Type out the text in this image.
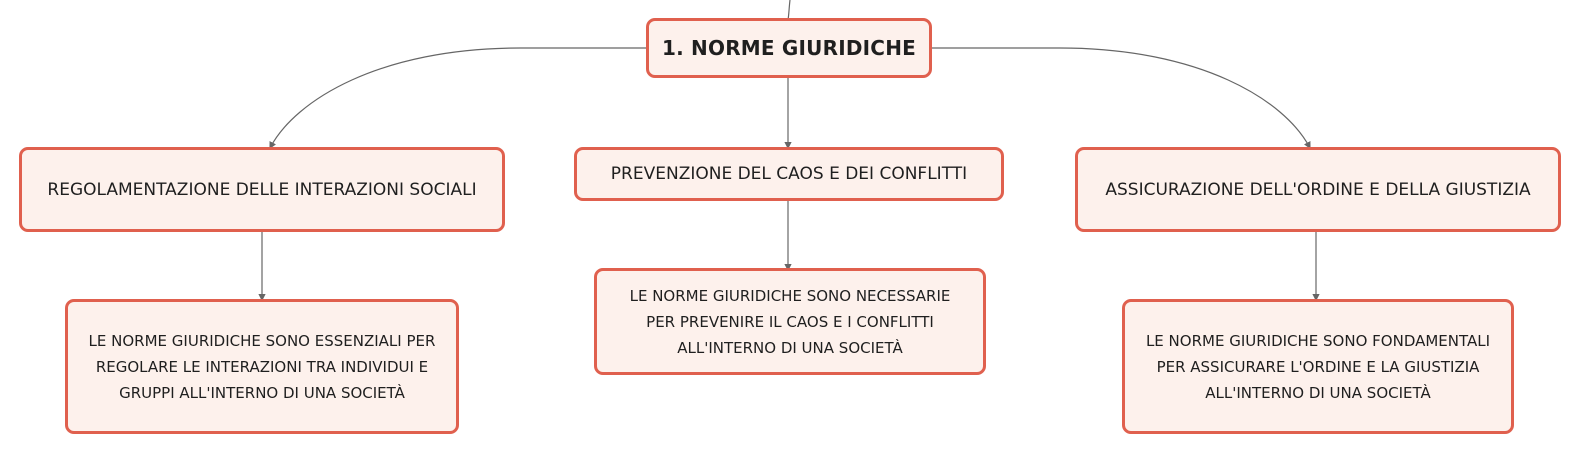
1. NORME GIURIDICHE
REGOLAMENTAZIONE DELLE INTERAZIONI SOCIALI
PREVENZIONE DEL CAOS E DEI CONFLITTI
ASSICURAZIONE DELL'ORDINE E DELLA GIUSTIZIA
LE NORME GIURIDICHE SONO ESSENZIALI PER REGOLARE LE INTERAZIONI TRA INDIVIDUI E GRUPPI ALL'INTERNO DI UNA SOCIETÀ
LE NORME GIURIDICHE SONO NECESSARIE PER PREVENIRE IL CAOS E I CONFLITTI ALL'INTERNO DI UNA SOCIETÀ	LE NORME GIURIDICHE SONO FONDAMENTALI PER ASSICURARE L'ORDINE E LA GIUSTIZIA ALL'INTERNO DI UNA SOCIETÀ
